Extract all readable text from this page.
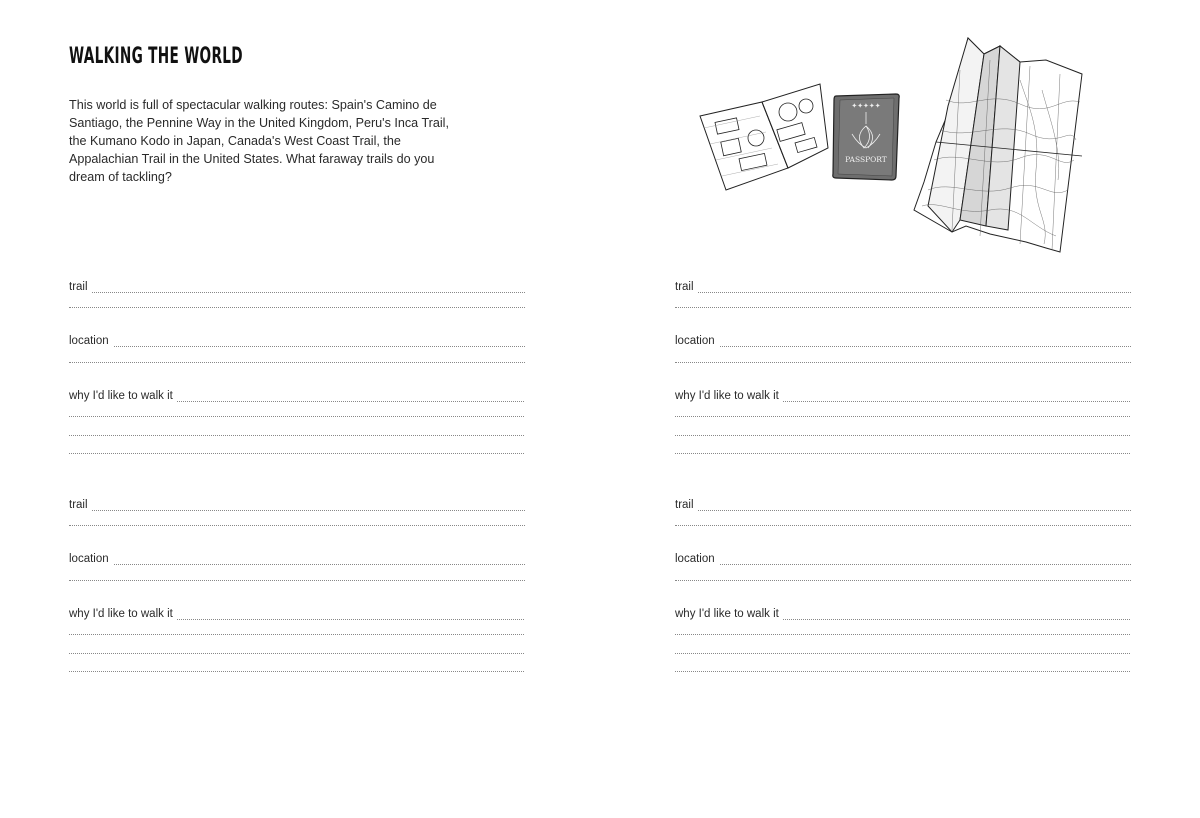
WALKING THE WORLD

This world is full of spectacular walking routes: Spain's Camino de Santiago, the Pennine Way in the United Kingdom, Peru's Inca Trail, the Kumano Kodo in Japan, Canada's West Coast Trail, the Appalachian Trail in the United States. What faraway trails do you dream of tackling?

✦✦✦✦✦
PASSPORT
trail
location
why I'd like to walk it
trail
location
why I'd like to walk it
trail
location
why I'd like to walk it
trail
location
why I'd like to walk it
